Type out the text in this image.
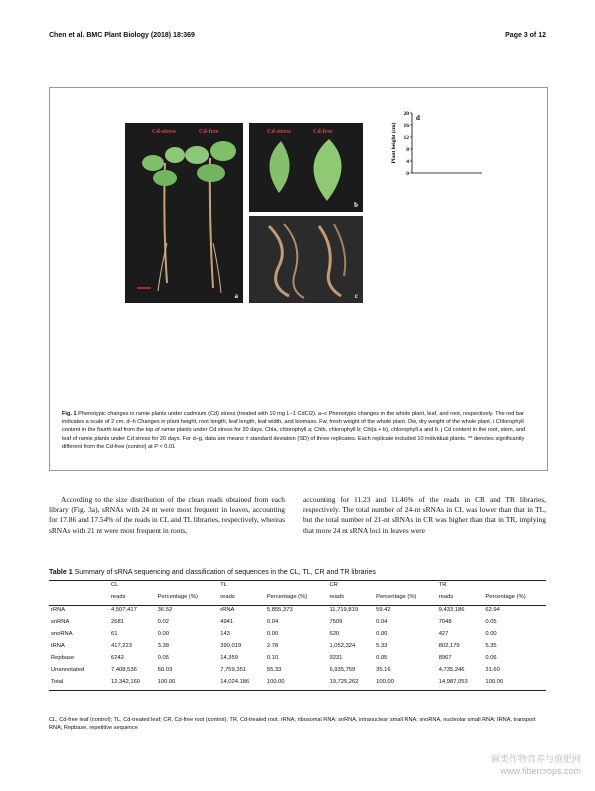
Chen et al. BMC Plant Biology (2018) 18:369	Page 3 of 12
Cd-stress	Cd-free
a
Cd-stress	Cd-free
b
c
0
4
8
12
16
20
Plant height (cm)
d
Fig. 1 Phenotypic changes in ramie plants under cadmium (Cd) stress (treated with 10 mg L−1 CdCl2). a–c Phenotypic changes in the whole plant, leaf, and root, respectively. The red bar indicates a scale of 2 cm. d–h Changes in plant height, root length, leaf length, leaf width, and biomass. Fw, fresh weight of the whole plant. Dw, dry weight of the whole plant. i Chlorophyll content in the fourth leaf from the top of ramie plants under Cd stress for 20 days. Chla, chlorophyll a; Chlb, chlorophyll b; Chl(a + b), chlorophyll a and b. j Cd content in the root, stem, and leaf of ramie plants under Cd stress for 20 days. For d–g, data are means ± standard deviation (SD) of three replicates. Each replicate included 10 individual plants. ** denotes significantly different from the Cd-free (control) at P < 0.01
According to the size distribution of the clean reads obtained from each library (Fig. 3a), sRNAs with 24 nt were most frequent in leaves, accounting for 17.86 and 17.54% of the reads in CL and TL libraries, respectively, whereas sRNAs with 21 nt were most frequent in roots,
accounting for 11.23 and 11.46% of the reads in CR and TR libraries, respectively. The total number of 24-nt sRNAs in CL was lower than that in TL, but the total number of 21-nt sRNAs in CR was higher than that in TR, implying that more 24 nt sRNA loci in leaves were
Table 1 Summary of sRNA sequencing and classification of sequences in the CL, TL, CR and TR libraries
	CL		TL		CR		TR	
	reads	Percentage (%)	reads	Percentage (%)	reads	Percentage (%)	reads	Percentage (%)
rRNA	4,507,417	36.52	rRNA	5,855,373	11,719,819	59.42	9,433,186	62.94
snRNA	2681	0.02	4941	0.04	7509	0.04	7048	0.05
snoRNA	61	0.00	143	0.00	620	0.00	427	0.00
tRNA	417,223	3.38	390,019	2.78	1,052,324	5.33	802,179	5.35
Repbase	6242	0.05	14,359	0.10	9231	0.05	8967	0.06
Unannotated	7,408,536	60.03	7,759,351	55.33	6,935,759	35.16	4,735,246	31.60
Total	12,342,160	100.00	14,024,186	100.00	19,725,262	100.00	14,987,053	100.00
CL, Cd-free leaf (control); TL, Cd-treated leaf; CR, Cd-free root (control); TR, Cd-treated root. rRNA, ribosomal RNA; snRNA, intranuclear small RNA; snoRNA, nucleolar small RNA; tRNA, transport RNA; Repbase, repetitive sequence
麻类作物营养与施肥网
www.fibercrops.com
